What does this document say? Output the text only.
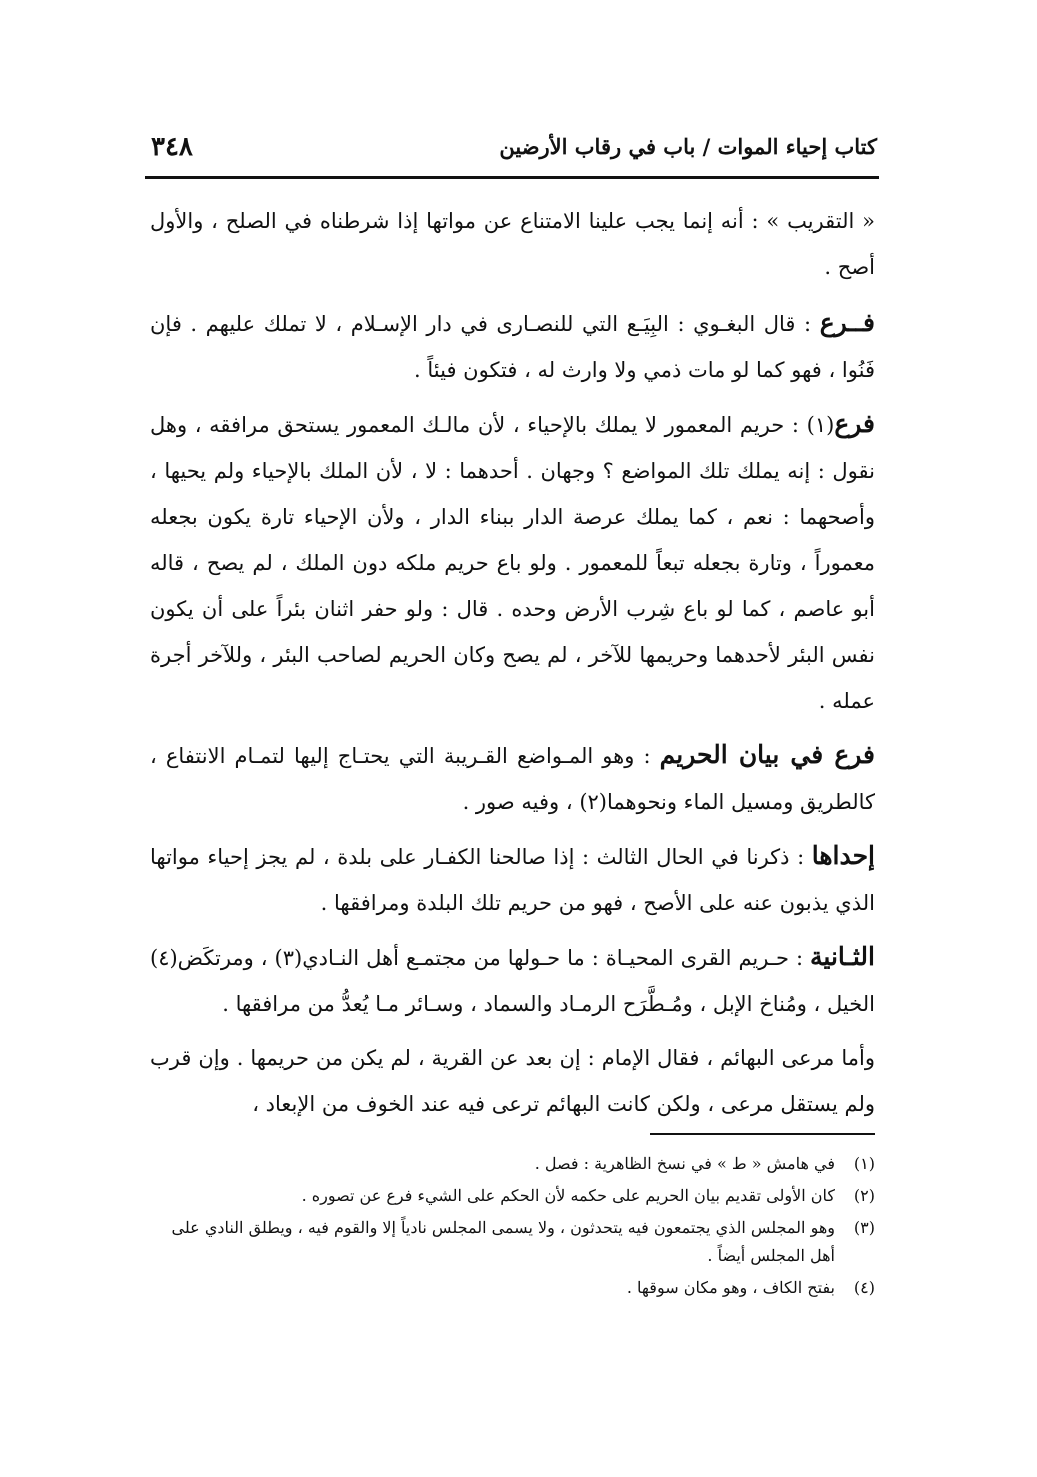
كتاب إحياء الموات / باب في رقاب الأرضين
٣٤٨

« التقريب » : أنه إنما يجب علينا الامتناع عن مواتها إذا شرطناه في الصلح ، والأول أصح .

فــرع : قال البغـوي : البِيَـع التي للنصـارى في دار الإسـلام ، لا تملك عليهم . فإن فَنُوا ، فهو كما لو مات ذمي ولا وارث له ، فتكون فيئاً .

فرع(١) : حريم المعمور لا يملك بالإحياء ، لأن مالـك المعمور يستحق مرافقه ، وهل نقول : إنه يملك تلك المواضع ؟ وجهان . أحدهما : لا ، لأن الملك بالإحياء ولم يحيها ، وأصحهما : نعم ، كما يملك عرصة الدار ببناء الدار ، ولأن الإحياء تارة يكون بجعله معموراً ، وتارة بجعله تبعاً للمعمور . ولو باع حريم ملكه دون الملك ، لم يصح ، قاله أبو عاصم ، كما لو باع شِرب الأرض وحده . قال : ولو حفر اثنان بئراً على أن يكون نفس البئر لأحدهما وحريمها للآخر ، لم يصح وكان الحريم لصاحب البئر ، وللآخر أجرة عمله .

فرع في بيان الحريم : وهو المـواضع القـريبة التي يحتـاج إليها لتمـام الانتفاع ، كالطريق ومسيل الماء ونحوهما(٢) ، وفيه صور .

إحداها : ذكرنا في الحال الثالث : إذا صالحنا الكفـار على بلدة ، لم يجز إحياء مواتها الذي يذبون عنه على الأصح ، فهو من حريم تلك البلدة ومرافقها .

الثـانية : حـريم القرى المحيـاة : ما حـولها من مجتمـع أهل النـادي(٣) ، ومرتكَض(٤) الخيل ، ومُناخ الإبل ، ومُـطَّرَح الرمـاد والسماد ، وسـائر مـا يُعدُّ من مرافقها .

وأما مرعى البهائم ، فقال الإمام : إن بعد عن القرية ، لم يكن من حريمها . وإن قرب ولم يستقل مرعى ، ولكن كانت البهائم ترعى فيه عند الخوف من الإبعاد ،

(١)
في هامش « ط » في نسخ الظاهرية : فصل .

(٢)
كان الأولى تقديم بيان الحريم على حكمه لأن الحكم على الشيء فرع عن تصوره .

(٣)
وهو المجلس الذي يجتمعون فيه يتحدثون ، ولا يسمى المجلس نادياً إلا والقوم فيه ، ويطلق النادي على أهل المجلس أيضاً .

(٤)
بفتح الكاف ، وهو مكان سوقها .
